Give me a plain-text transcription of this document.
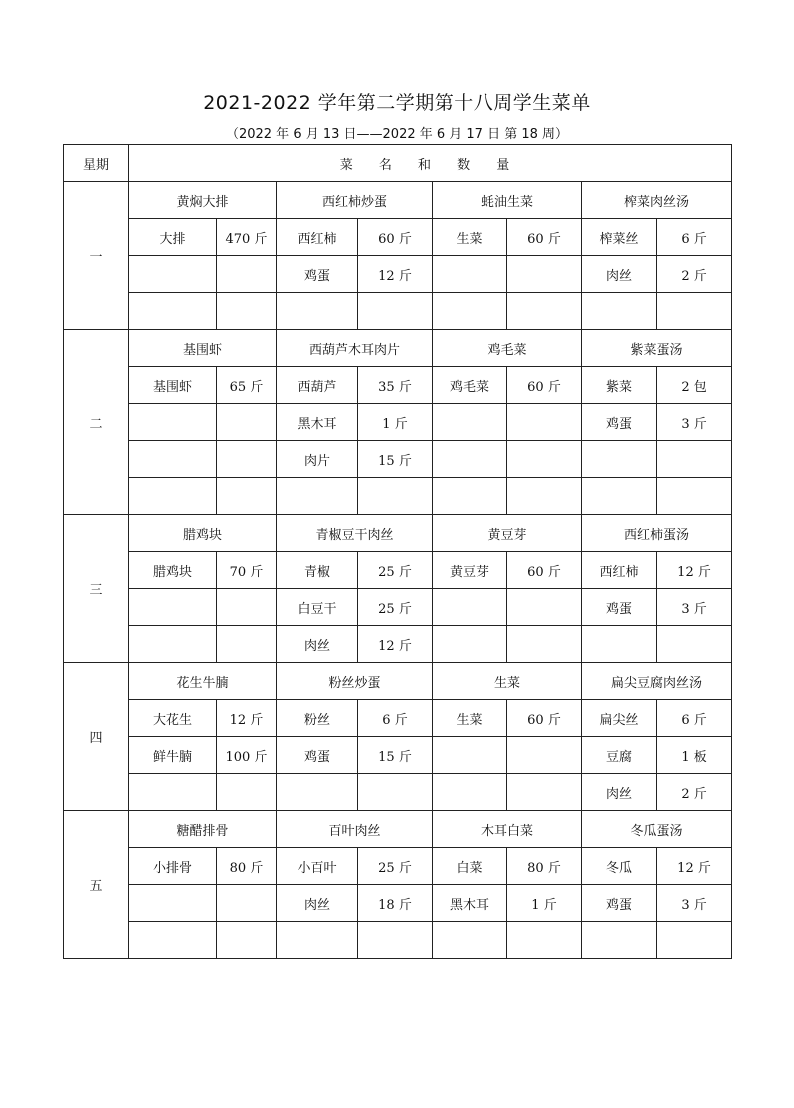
2021-2022 学年第二学期第十八周学生菜单

（2022 年 6 月 13 日——2022 年 6 月 17 日 第 18 周）

星期	菜 名 和 数 量							
一	黄焖大排		西红柿炒蛋		蚝油生菜		榨菜肉丝汤	
	大排	470 斤	西红柿	60 斤	生菜	60 斤	榨菜丝	6 斤
			鸡蛋	12 斤			肉丝	2 斤

二	基围虾		西葫芦木耳肉片		鸡毛菜		紫菜蛋汤	
	基围虾	65 斤	西葫芦	35 斤	鸡毛菜	60 斤	紫菜	2 包
			黑木耳	1 斤			鸡蛋	3 斤
			肉片	15 斤				

三	腊鸡块		青椒豆干肉丝		黄豆芽		西红柿蛋汤	
	腊鸡块	70 斤	青椒	25 斤	黄豆芽	60 斤	西红柿	12 斤
			白豆干	25 斤			鸡蛋	3 斤
			肉丝	12 斤				
四	花生牛腩		粉丝炒蛋		生菜		扁尖豆腐肉丝汤	
	大花生	12 斤	粉丝	6 斤	生菜	60 斤	扁尖丝	6 斤
	鲜牛腩	100 斤	鸡蛋	15 斤			豆腐	1 板
							肉丝	2 斤
五	糖醋排骨		百叶肉丝		木耳白菜		冬瓜蛋汤	
	小排骨	80 斤	小百叶	25 斤	白菜	80 斤	冬瓜	12 斤
			肉丝	18 斤	黑木耳	1 斤	鸡蛋	3 斤
